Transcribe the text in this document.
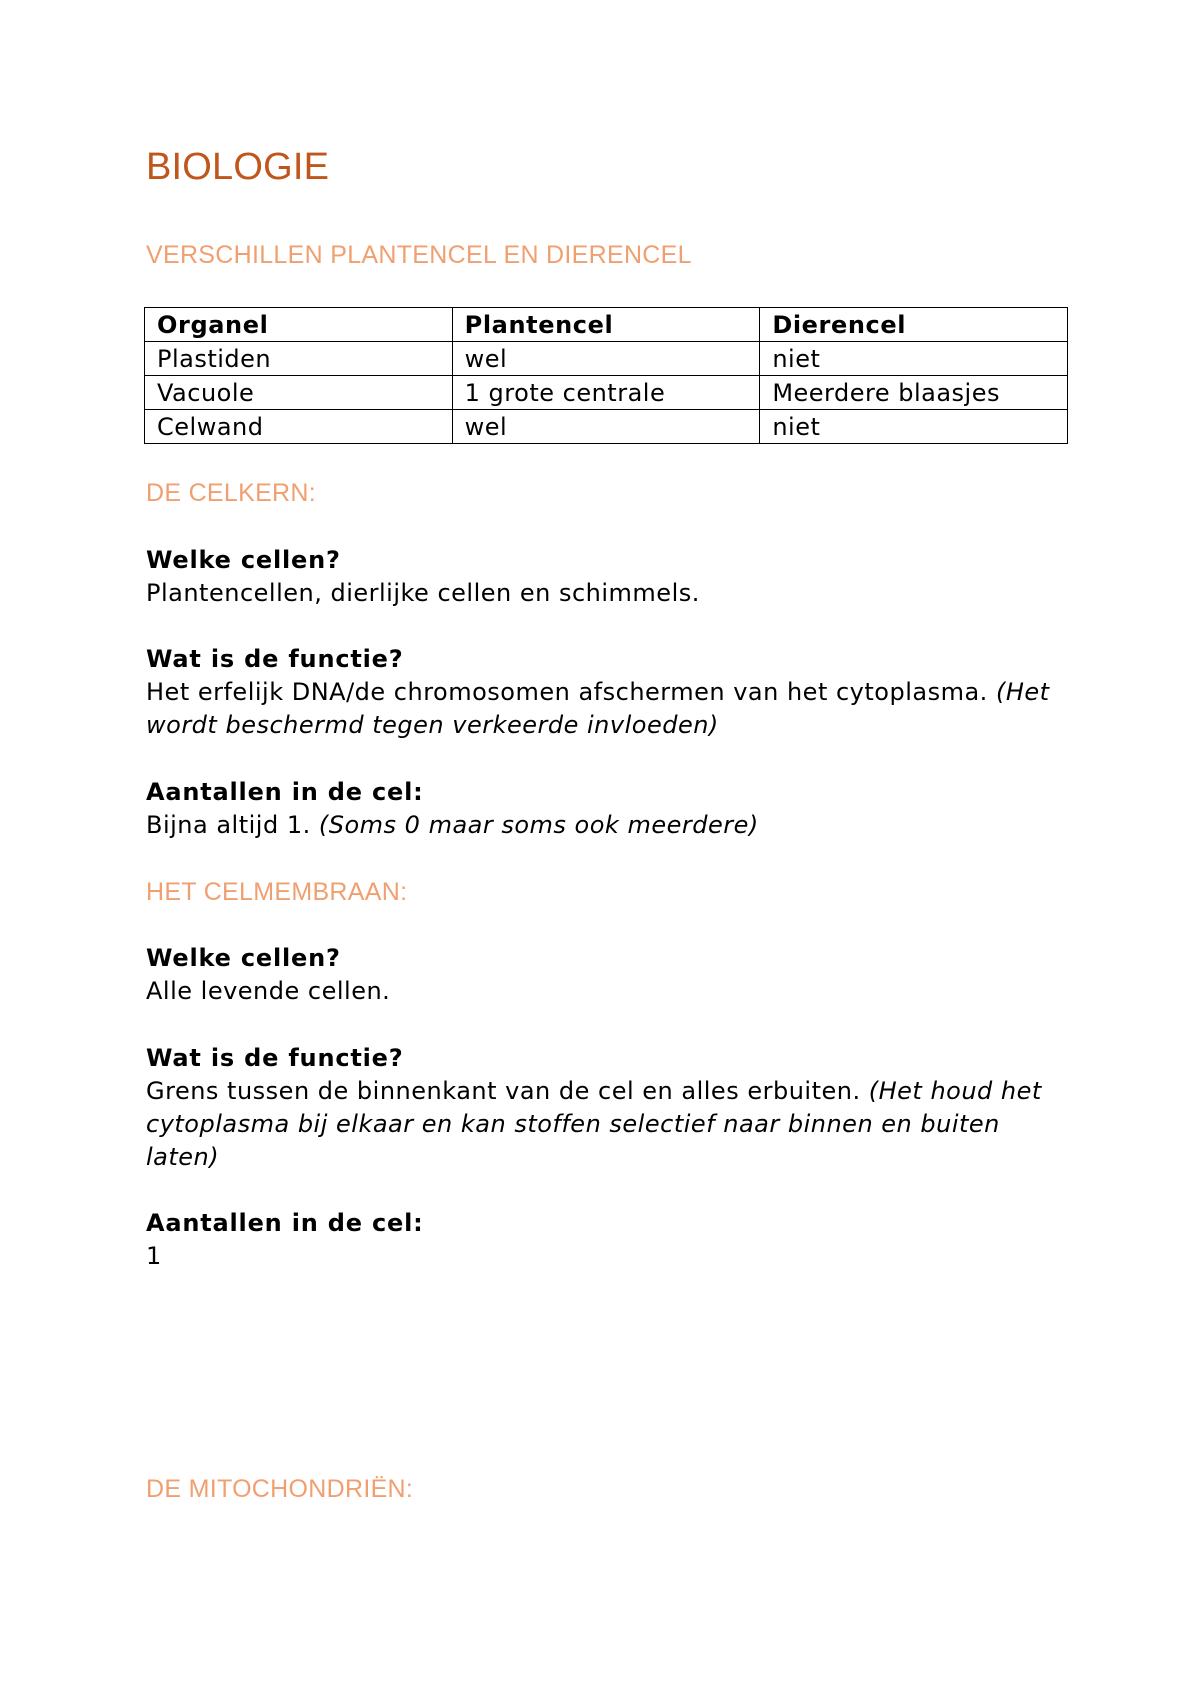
BIOLOGIE
VERSCHILLEN PLANTENCEL EN DIERENCEL
Organel	Plantencel	Dierencel
Plastiden	wel	niet
Vacuole	1 grote centrale	Meerdere blaasjes
Celwand	wel	niet
DE CELKERN:

Welke cellen?

Plantencellen, dierlijke cellen en schimmels.

Wat is de functie?

Het erfelijk DNA/de chromosomen afschermen van het cytoplasma. (Het wordt beschermd tegen verkeerde invloeden)

Aantallen in de cel:

Bijna altijd 1. (Soms 0 maar soms ook meerdere)

HET CELMEMBRAAN:

Welke cellen?

Alle levende cellen.

Wat is de functie?

Grens tussen de binnenkant van de cel en alles erbuiten. (Het houd het cytoplasma bij elkaar en kan stoffen selectief naar binnen en buiten laten)

Aantallen in de cel:

1

DE MITOCHONDRIËN:
